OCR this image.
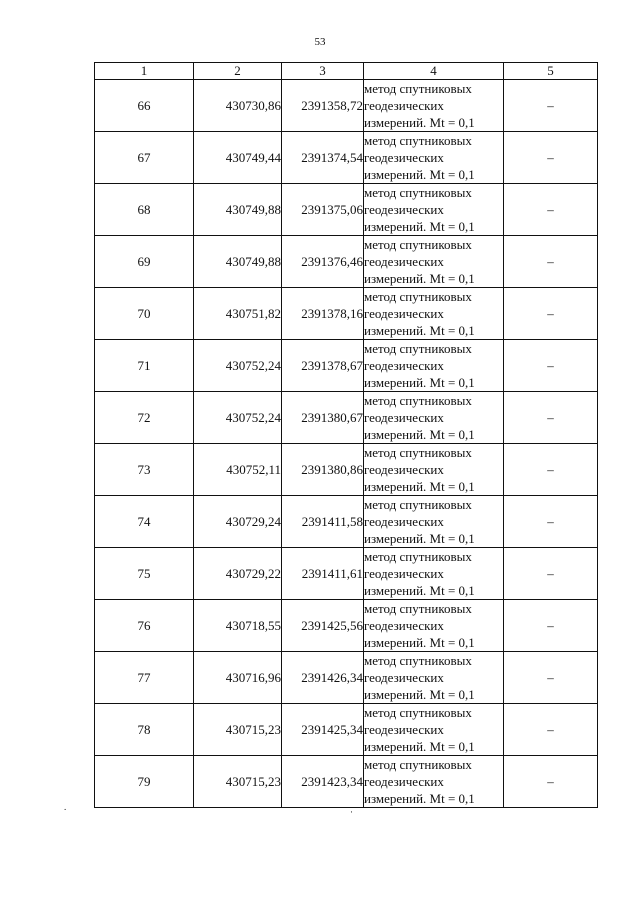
53
1	2	3	4	5
66	430730,86	2391358,72	метод спутниковых
геодезических
измерений. Mt = 0,1	–
67	430749,44	2391374,54	метод спутниковых
геодезических
измерений. Mt = 0,1	–
68	430749,88	2391375,06	метод спутниковых
геодезических
измерений. Mt = 0,1	–
69	430749,88	2391376,46	метод спутниковых
геодезических
измерений. Mt = 0,1	–
70	430751,82	2391378,16	метод спутниковых
геодезических
измерений. Mt = 0,1	–
71	430752,24	2391378,67	метод спутниковых
геодезических
измерений. Mt = 0,1	–
72	430752,24	2391380,67	метод спутниковых
геодезических
измерений. Mt = 0,1	–
73	430752,11	2391380,86	метод спутниковых
геодезических
измерений. Mt = 0,1	–
74	430729,24	2391411,58	метод спутниковых
геодезических
измерений. Mt = 0,1	–
75	430729,22	2391411,61	метод спутниковых
геодезических
измерений. Mt = 0,1	–
76	430718,55	2391425,56	метод спутниковых
геодезических
измерений. Mt = 0,1	–
77	430716,96	2391426,34	метод спутниковых
геодезических
измерений. Mt = 0,1	–
78	430715,23	2391425,34	метод спутниковых
геодезических
измерений. Mt = 0,1	–
79	430715,23	2391423,34	метод спутниковых
геодезических
измерений. Mt = 0,1	–
.	·
